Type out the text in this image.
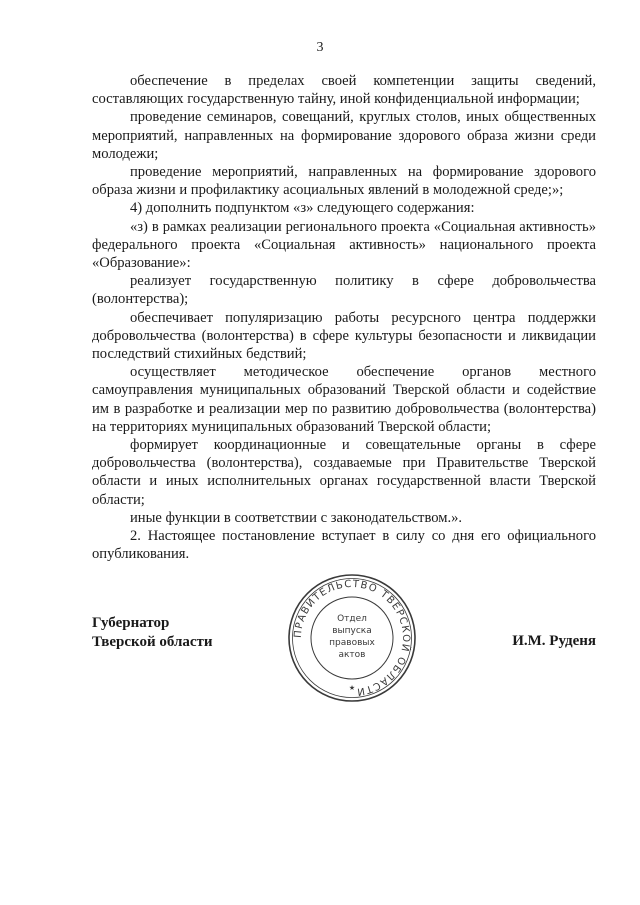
3

обеспечение в пределах своей компетенции защиты сведений, составляющих государственную тайну, иной конфиденциальной информации;

проведение семинаров, совещаний, круглых столов, иных общественных мероприятий, направленных на формирование здорового образа жизни среди молодежи;

проведение мероприятий, направленных на формирование здорового образа жизни и профилактику асоциальных явлений в молодежной среде;»;

4) дополнить подпунктом «з» следующего содержания:

«з) в рамках реализации регионального проекта «Социальная активность» федерального проекта «Социальная активность» национального проекта «Образование»:

реализует государственную политику в сфере добровольчества (волонтерства);

обеспечивает популяризацию работы ресурсного центра поддержки добровольчества (волонтерства) в сфере культуры безопасности и ликвидации последствий стихийных бедствий;

осуществляет методическое обеспечение органов местного самоуправления муниципальных образований Тверской области и содействие им в разработке и реализации мер по развитию добровольчества (волонтерства) на территориях муниципальных образований Тверской области;

формирует координационные и совещательные органы в сфере добровольчества (волонтерства), создаваемые при Правительстве Тверской области и иных исполнительных органах государственной власти Тверской области;

иные функции в соответствии с законодательством.».

2. Настоящее постановление вступает в силу со дня его официального опубликования.

Губернатор
Тверской области
ПРАВИТЕЛЬСТВО ТВЕРСКОЙ ОБЛАСТИ
Отдел
выпуска
правовых
актов
★
И.М. Руденя
